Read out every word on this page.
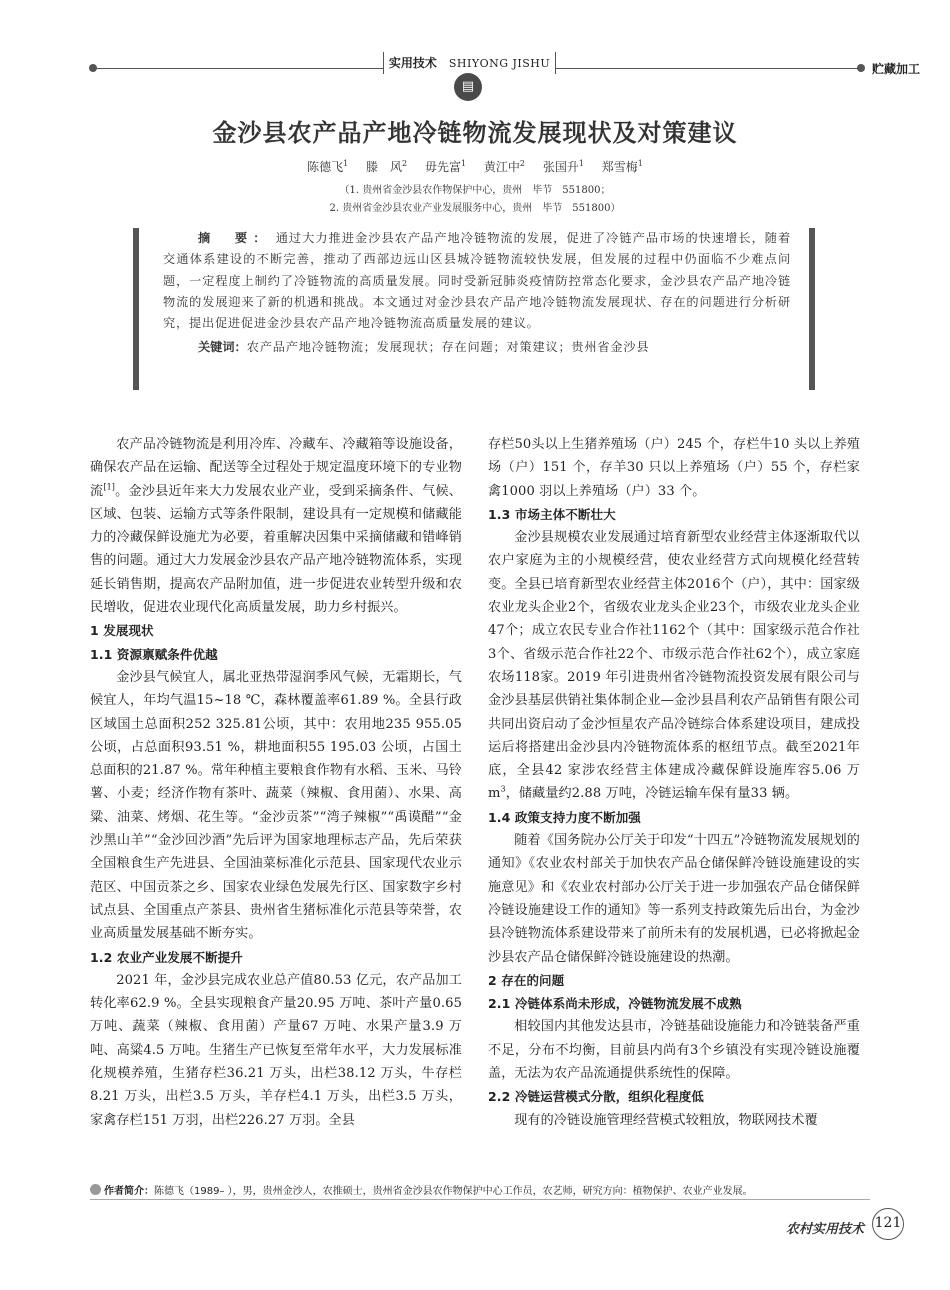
实用技术 SHIYONG JISHU
▤
贮藏加工
金沙县农产品产地冷链物流发展现状及对策建议
陈德飞$^1$ 滕　风$^2$ 毋先富$^1$ 黄江中$^2$ 张国升$^1$ 郑雪梅$^1$
（1. 贵州省金沙县农作物保护中心，贵州　毕节　551800；
2. 贵州省金沙县农业产业发展服务中心，贵州　毕节　551800）
摘　要： 通过大力推进金沙县农产品产地冷链物流的发展，促进了冷链产品市场的快速增长，随着交通体系建设的不断完善，推动了西部边远山区县城冷链物流较快发展，但发展的过程中仍面临不少难点问题，一定程度上制约了冷链物流的高质量发展。同时受新冠肺炎疫情防控常态化要求，金沙县农产品产地冷链物流的发展迎来了新的机遇和挑战。本文通过对金沙县农产品产地冷链物流发展现状、存在的问题进行分析研究，提出促进促进金沙县农产品产地冷链物流高质量发展的建议。
关键词：农产品产地冷链物流；发展现状；存在问题；对策建议；贵州省金沙县
农产品冷链物流是利用冷库、冷藏车、冷藏箱等设施设备，确保农产品在运输、配送等全过程处于规定温度环境下的专业物流[1]。金沙县近年来大力发展农业产业，受到采摘条件、气候、区域、包装、运输方式等条件限制，建设具有一定规模和储藏能力的冷藏保鲜设施尤为必要，着重解决因集中采摘储藏和错峰销售的问题。通过大力发展金沙县农产品产地冷链物流体系，实现延长销售期，提高农产品附加值，进一步促进农业转型升级和农民增收，促进农业现代化高质量发展，助力乡村振兴。
1 发展现状
1.1 资源禀赋条件优越
金沙县气候宜人，属北亚热带湿润季风气候，无霜期长，气候宜人，年均气温15~18 ℃，森林覆盖率61.89 %。全县行政区域国土总面积252 325.81公顷，其中：农用地235 955.05 公顷，占总面积93.51 %，耕地面积55 195.03 公顷，占国土总面积的21.87 %。常年种植主要粮食作物有水稻、玉米、马铃薯、小麦；经济作物有茶叶、蔬菜（辣椒、食用菌）、水果、高粱、油菜、烤烟、花生等。“金沙贡茶”“湾子辣椒”“禹谟醋”“金沙黑山羊”“金沙回沙酒”先后评为国家地理标志产品，先后荣获全国粮食生产先进县、全国油菜标准化示范县、国家现代农业示范区、中国贡茶之乡、国家农业绿色发展先行区、国家数字乡村试点县、全国重点产茶县、贵州省生猪标准化示范县等荣誉，农业高质量发展基础不断夯实。
1.2 农业产业发展不断提升
2021 年，金沙县完成农业总产值80.53 亿元，农产品加工转化率62.9 %。全县实现粮食产量20.95 万吨、茶叶产量0.65 万吨、蔬菜（辣椒、食用菌）产量67 万吨、水果产量3.9 万吨、高粱4.5 万吨。生猪生产已恢复至常年水平，大力发展标准化规模养殖，生猪存栏36.21 万头，出栏38.12 万头，牛存栏8.21 万头，出栏3.5 万头，羊存栏4.1 万头，出栏3.5 万头，家禽存栏151 万羽，出栏226.27 万羽。全县
存栏50头以上生猪养殖场（户）245 个，存栏牛10 头以上养殖场（户）151 个，存羊30 只以上养殖场（户）55 个，存栏家禽1000 羽以上养殖场（户）33 个。
1.3 市场主体不断壮大
金沙县规模农业发展通过培育新型农业经营主体逐渐取代以农户家庭为主的小规模经营，使农业经营方式向规模化经营转变。全县已培育新型农业经营主体2016个（户），其中：国家级农业龙头企业2个，省级农业龙头企业23个，市级农业龙头企业47个；成立农民专业合作社1162个（其中：国家级示范合作社3个、省级示范合作社22个、市级示范合作社62个），成立家庭农场118家。2019 年引进贵州省冷链物流投资发展有限公司与金沙县基层供销社集体制企业—金沙县昌利农产品销售有限公司共同出资启动了金沙恒星农产品冷链综合体系建设项目，建成投运后将搭建出金沙县内冷链物流体系的枢纽节点。截至2021年底，全县42 家涉农经营主体建成冷藏保鲜设施库容5.06 万$m^3$，储藏量约2.88 万吨，冷链运输车保有量33 辆。
1.4 政策支持力度不断加强
随着《国务院办公厅关于印发“十四五”冷链物流发展规划的通知》《农业农村部关于加快农产品仓储保鲜冷链设施建设的实施意见》和《农业农村部办公厅关于进一步加强农产品仓储保鲜冷链设施建设工作的通知》等一系列支持政策先后出台，为金沙县冷链物流体系建设带来了前所未有的发展机遇，已必将掀起金沙县农产品仓储保鲜冷链设施建设的热潮。
2 存在的问题
2.1 冷链体系尚未形成，冷链物流发展不成熟
相较国内其他发达县市，冷链基础设施能力和冷链装备严重不足，分布不均衡，目前县内尚有3个乡镇没有实现冷链设施覆盖，无法为农产品流通提供系统性的保障。
2.2 冷链运营模式分散，组织化程度低
现有的冷链设施管理经营模式较粗放，物联网技术覆
作者简介：陈德飞（1989– ），男，贵州金沙人，农推硕士，贵州省金沙县农作物保护中心工作员，农艺师，研究方向：植物保护、农业产业发展。
农村实用技术 121
